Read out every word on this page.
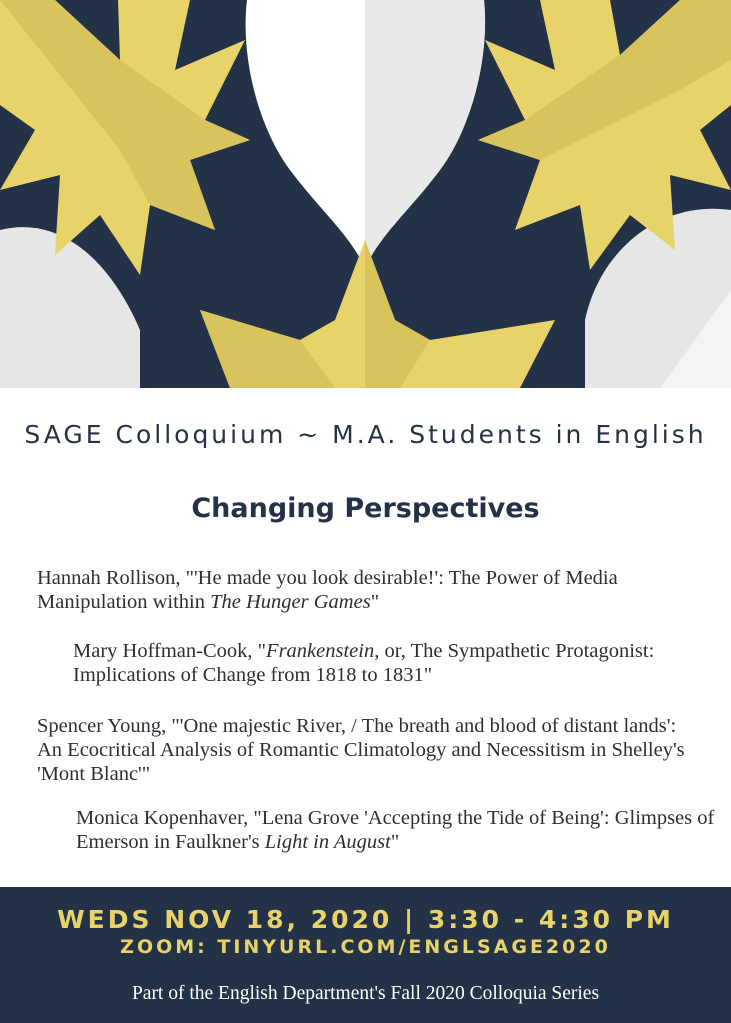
SAGE Colloquium ~ M.A. Students in English
Changing Perspectives
Hannah Rollison, "'He made you look desirable!': The Power of Media Manipulation within The Hunger Games"
Mary Hoffman-Cook, "Frankenstein, or, The Sympathetic Protagonist: Implications of Change from 1818 to 1831"
Spencer Young, "'One majestic River, / The breath and blood of distant lands': An Ecocritical Analysis of Romantic Climatology and Necessitism in Shelley's 'Mont Blanc'"
Monica Kopenhaver, "Lena Grove 'Accepting the Tide of Being': Glimpses of Emerson in Faulkner's Light in August"
WEDS NOV 18, 2020 | 3:30 - 4:30 PM
ZOOM: TINYURL.COM/ENGLSAGE2020
Part of the English Department's Fall 2020 Colloquia Series
